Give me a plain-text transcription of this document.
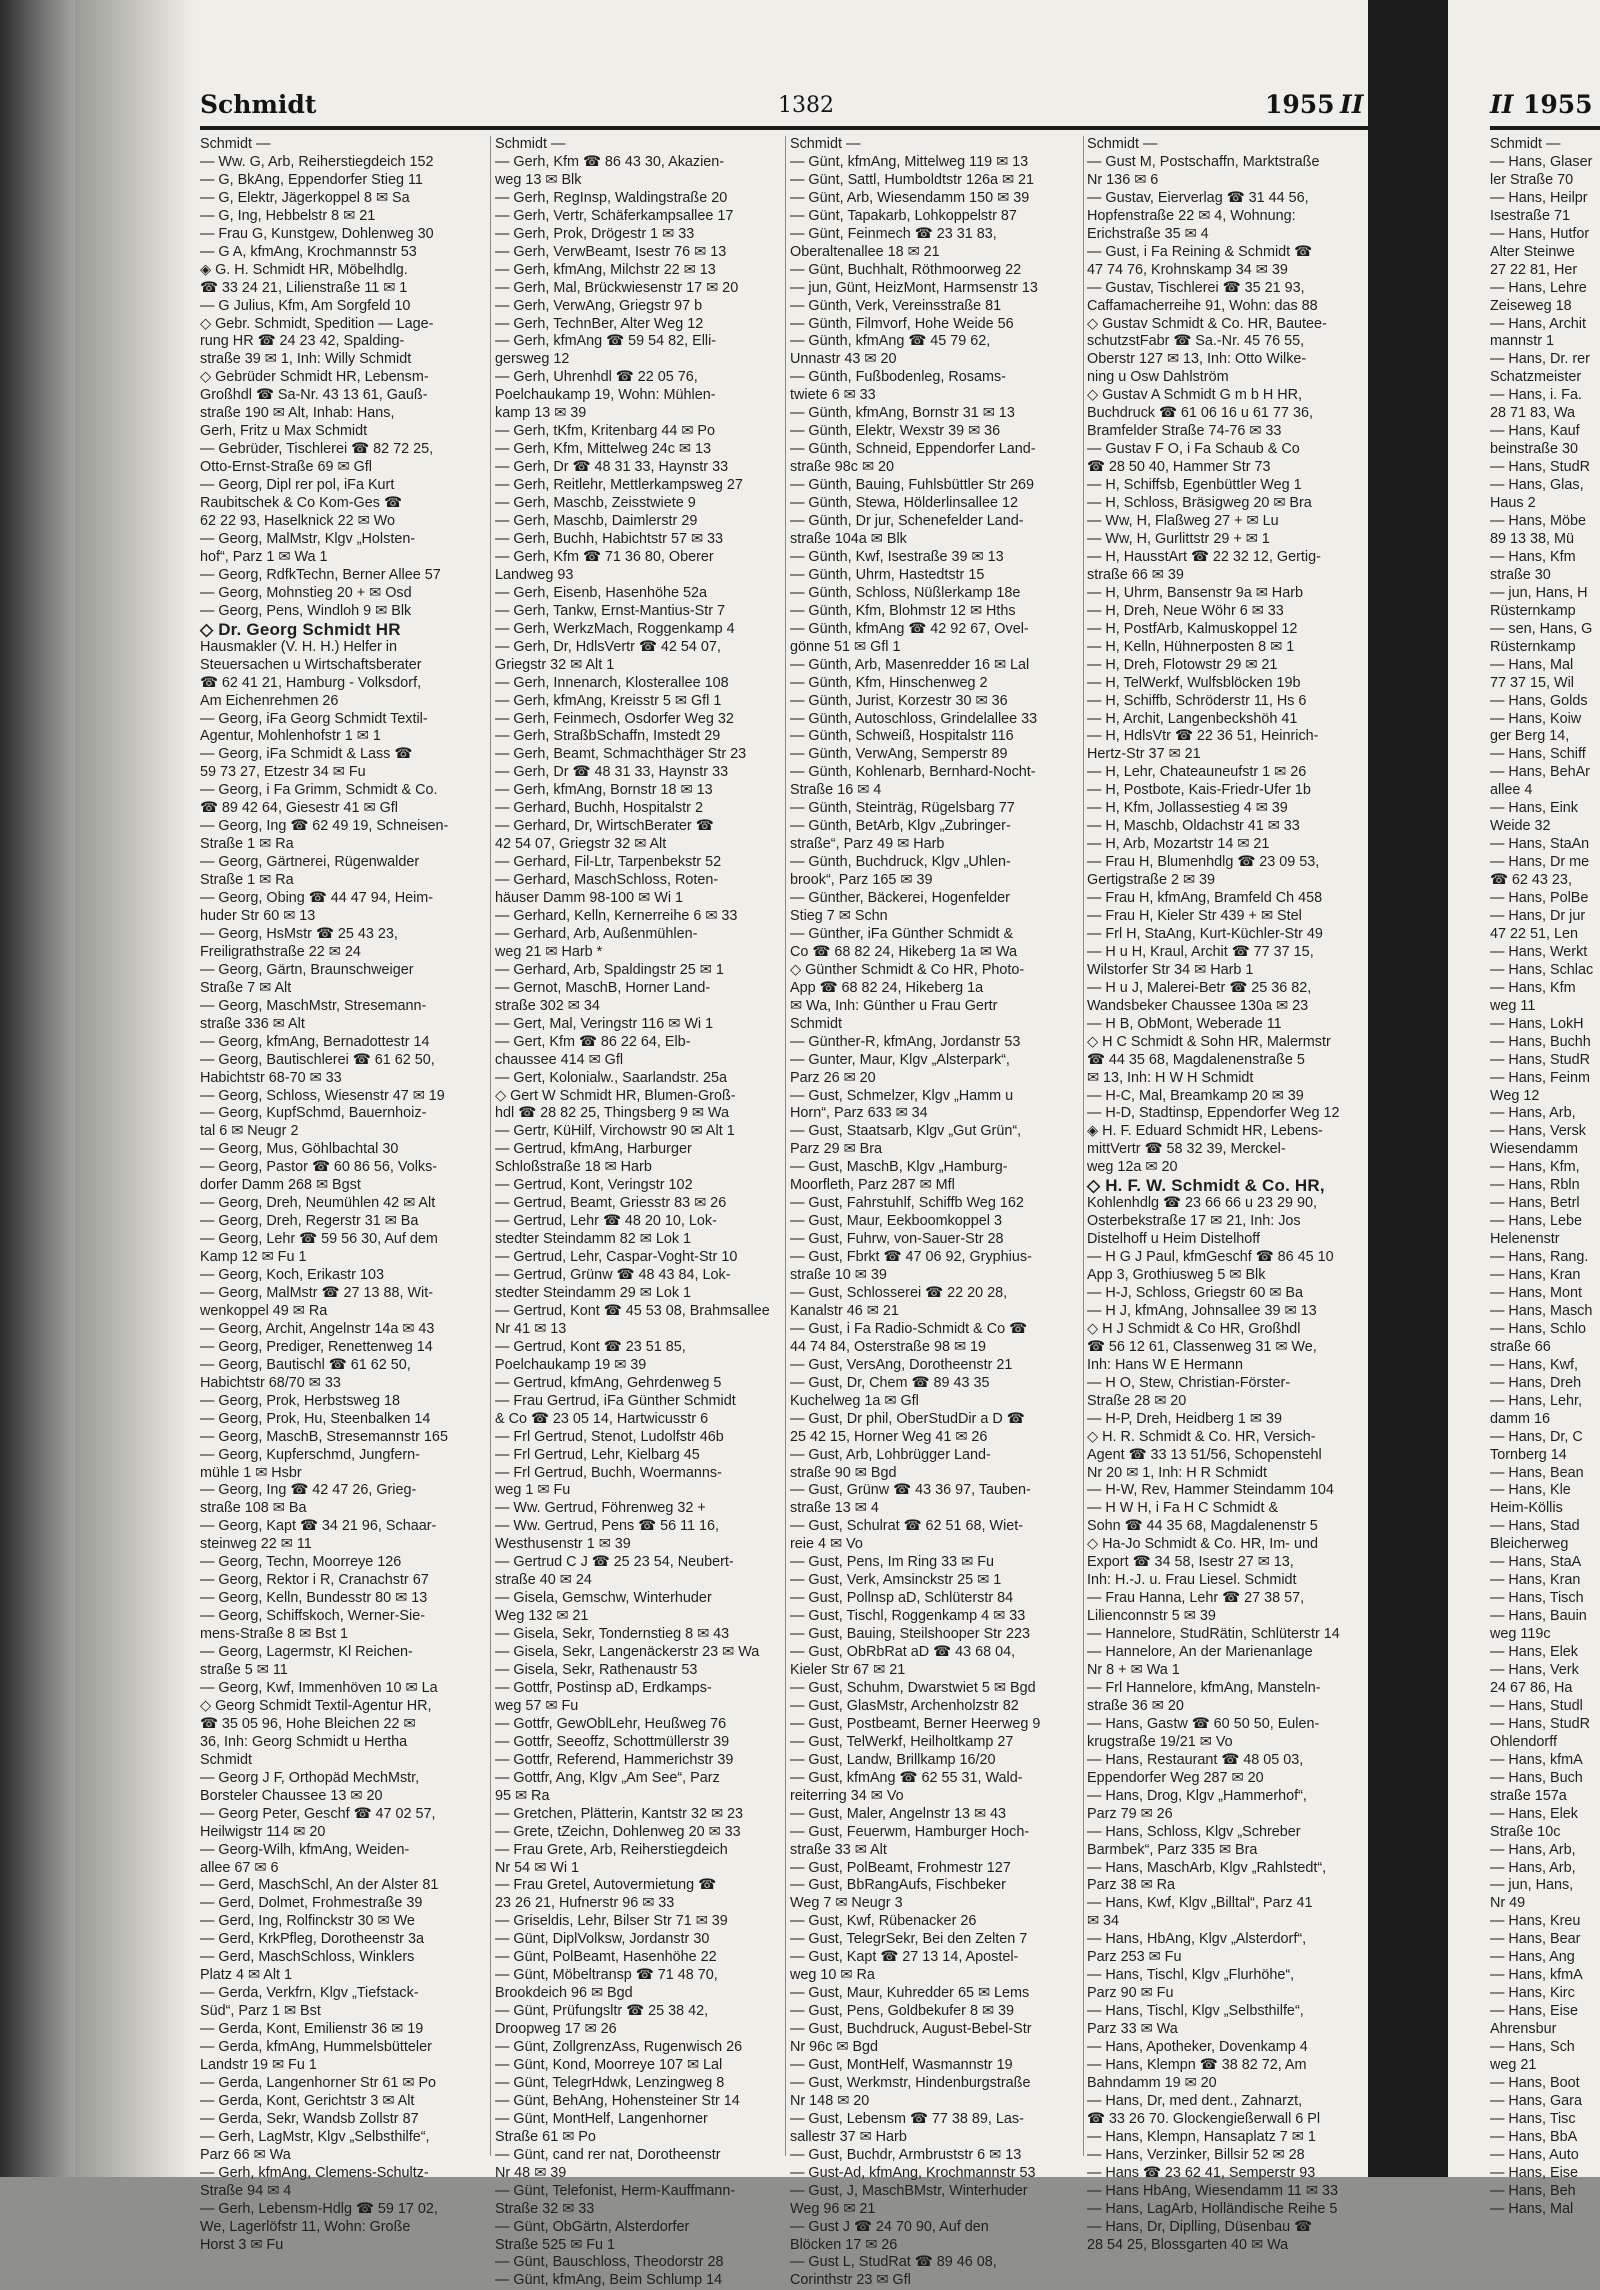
Schmidt	1382	1955 II
Schmidt —
— Ww. G, Arb, Reiherstiegdeich 152
— G, BkAng, Eppendorfer Stieg 11
— G, Elektr, Jägerkoppel 8 ✉ Sa
— G, Ing, Hebbelstr 8 ✉ 21
— Frau G, Kunstgew, Dohlenweg 30
— G A, kfmAng, Krochmannstr 53
◈ G. H. Schmidt HR, Möbelhdlg.
☎ 33 24 21, Lilienstraße 11 ✉ 1
— G Julius, Kfm, Am Sorgfeld 10
◇ Gebr. Schmidt, Spedition — Lage-
rung HR ☎ 24 23 42, Spalding-
straße 39 ✉ 1, Inh: Willy Schmidt
◇ Gebrüder Schmidt HR, Lebensm-
Großhdl ☎ Sa-Nr. 43 13 61, Gauß-
straße 190 ✉ Alt, Inhab: Hans,
Gerh, Fritz u Max Schmidt
— Gebrüder, Tischlerei ☎ 82 72 25,
Otto-Ernst-Straße 69 ✉ Gfl
— Georg, Dipl rer pol, iFa Kurt
Raubitschek & Co Kom-Ges ☎
62 22 93, Haselknick 22 ✉ Wo
— Georg, MalMstr, Klgv „Holsten-
hof“, Parz 1 ✉ Wa 1
— Georg, RdfkTechn, Berner Allee 57
— Georg, Mohnstieg 20 + ✉ Osd
— Georg, Pens, Windloh 9 ✉ Blk
◇ Dr. Georg Schmidt HR
Hausmakler (V. H. H.) Helfer in
Steuersachen u Wirtschaftsberater
☎ 62 41 21, Hamburg - Volksdorf,
Am Eichenrehmen 26
— Georg, iFa Georg Schmidt Textil-
Agentur, Mohlenhofstr 1 ✉ 1
— Georg, iFa Schmidt & Lass ☎
59 73 27, Etzestr 34 ✉ Fu
— Georg, i Fa Grimm, Schmidt & Co.
☎ 89 42 64, Giesestr 41 ✉ Gfl
— Georg, Ing ☎ 62 49 19, Schneisen-
Straße 1 ✉ Ra
— Georg, Gärtnerei, Rügenwalder
Straße 1 ✉ Ra
— Georg, Obing ☎ 44 47 94, Heim-
huder Str 60 ✉ 13
— Georg, HsMstr ☎ 25 43 23,
Freiligrathstraße 22 ✉ 24
— Georg, Gärtn, Braunschweiger
Straße 7 ✉ Alt
— Georg, MaschMstr, Stresemann-
straße 336 ✉ Alt
— Georg, kfmAng, Bernadottestr 14
— Georg, Bautischlerei ☎ 61 62 50,
Habichtstr 68-70 ✉ 33
— Georg, Schloss, Wiesenstr 47 ✉ 19
— Georg, KupfSchmd, Bauernhoiz-
tal 6 ✉ Neugr 2
— Georg, Mus, Göhlbachtal 30
— Georg, Pastor ☎ 60 86 56, Volks-
dorfer Damm 268 ✉ Bgst
— Georg, Dreh, Neumühlen 42 ✉ Alt
— Georg, Dreh, Regerstr 31 ✉ Ba
— Georg, Lehr ☎ 59 56 30, Auf dem
Kamp 12 ✉ Fu 1
— Georg, Koch, Erikastr 103
— Georg, MalMstr ☎ 27 13 88, Wit-
wenkoppel 49 ✉ Ra
— Georg, Archit, Angelnstr 14a ✉ 43
— Georg, Prediger, Renettenweg 14
— Georg, Bautischl ☎ 61 62 50,
Habichtstr 68/70 ✉ 33
— Georg, Prok, Herbstsweg 18
— Georg, Prok, Hu, Steenbalken 14
— Georg, MaschB, Stresemannstr 165
— Georg, Kupferschmd, Jungfern-
mühle 1 ✉ Hsbr
— Georg, Ing ☎ 42 47 26, Grieg-
straße 108 ✉ Ba
— Georg, Kapt ☎ 34 21 96, Schaar-
steinweg 22 ✉ 11
— Georg, Techn, Moorreye 126
— Georg, Rektor i R, Cranachstr 67
— Georg, Kelln, Bundesstr 80 ✉ 13
— Georg, Schiffskoch, Werner-Sie-
mens-Straße 8 ✉ Bst 1
— Georg, Lagermstr, Kl Reichen-
straße 5 ✉ 11
— Georg, Kwf, Immenhöven 10 ✉ La
◇ Georg Schmidt Textil-Agentur HR,
☎ 35 05 96, Hohe Bleichen 22 ✉
36, Inh: Georg Schmidt u Hertha
Schmidt
— Georg J F, Orthopäd MechMstr,
Borsteler Chaussee 13 ✉ 20
— Georg Peter, Geschf ☎ 47 02 57,
Heilwigstr 114 ✉ 20
— Georg-Wilh, kfmAng, Weiden-
allee 67 ✉ 6
— Gerd, MaschSchl, An der Alster 81
— Gerd, Dolmet, Frohmestraße 39
— Gerd, Ing, Rolfinckstr 30 ✉ We
— Gerd, KrkPfleg, Dorotheenstr 3a
— Gerd, MaschSchloss, Winklers
Platz 4 ✉ Alt 1
— Gerda, Verkfrn, Klgv „Tiefstack-
Süd“, Parz 1 ✉ Bst
— Gerda, Kont, Emilienstr 36 ✉ 19
— Gerda, kfmAng, Hummelsbütteler
Landstr 19 ✉ Fu 1
— Gerda, Langenhorner Str 61 ✉ Po
— Gerda, Kont, Gerichtstr 3 ✉ Alt
— Gerda, Sekr, Wandsb Zollstr 87
— Gerh, LagMstr, Klgv „Selbsthilfe“,
Parz 66 ✉ Wa
— Gerh, kfmAng, Clemens-Schultz-
Straße 94 ✉ 4
— Gerh, Lebensm-Hdlg ☎ 59 17 02,
We, Lagerlöfstr 11, Wohn: Große
Horst 3 ✉ Fu
Schmidt —
— Gerh, Kfm ☎ 86 43 30, Akazien-
weg 13 ✉ Blk
— Gerh, RegInsp, Waldingstraße 20
— Gerh, Vertr, Schäferkampsallee 17
— Gerh, Prok, Drögestr 1 ✉ 33
— Gerh, VerwBeamt, Isestr 76 ✉ 13
— Gerh, kfmAng, Milchstr 22 ✉ 13
— Gerh, Mal, Brückwiesenstr 17 ✉ 20
— Gerh, VerwAng, Griegstr 97 b
— Gerh, TechnBer, Alter Weg 12
— Gerh, kfmAng ☎ 59 54 82, Elli-
gersweg 12
— Gerh, Uhrenhdl ☎ 22 05 76,
Poelchaukamp 19, Wohn: Mühlen-
kamp 13 ✉ 39
— Gerh, tKfm, Kritenbarg 44 ✉ Po
— Gerh, Kfm, Mittelweg 24c ✉ 13
— Gerh, Dr ☎ 48 31 33, Haynstr 33
— Gerh, Reitlehr, Mettlerkampsweg 27
— Gerh, Maschb, Zeisstwiete 9
— Gerh, Maschb, Daimlerstr 29
— Gerh, Buchh, Habichtstr 57 ✉ 33
— Gerh, Kfm ☎ 71 36 80, Oberer
Landweg 93
— Gerh, Eisenb, Hasenhöhe 52a
— Gerh, Tankw, Ernst-Mantius-Str 7
— Gerh, WerkzMach, Roggenkamp 4
— Gerh, Dr, HdlsVertr ☎ 42 54 07,
Griegstr 32 ✉ Alt 1
— Gerh, Innenarch, Klosterallee 108
— Gerh, kfmAng, Kreisstr 5 ✉ Gfl 1
— Gerh, Feinmech, Osdorfer Weg 32
— Gerh, StraßbSchaffn, Imstedt 29
— Gerh, Beamt, Schmachthäger Str 23
— Gerh, Dr ☎ 48 31 33, Haynstr 33
— Gerh, kfmAng, Bornstr 18 ✉ 13
— Gerhard, Buchh, Hospitalstr 2
— Gerhard, Dr, WirtschBerater ☎
42 54 07, Griegstr 32 ✉ Alt
— Gerhard, Fil-Ltr, Tarpenbekstr 52
— Gerhard, MaschSchloss, Roten-
häuser Damm 98-100 ✉ Wi 1
— Gerhard, Kelln, Kernerreihe 6 ✉ 33
— Gerhard, Arb, Außenmühlen-
weg 21 ✉ Harb *
— Gerhard, Arb, Spaldingstr 25 ✉ 1
— Gernot, MaschB, Horner Land-
straße 302 ✉ 34
— Gert, Mal, Veringstr 116 ✉ Wi 1
— Gert, Kfm ☎ 86 22 64, Elb-
chaussee 414 ✉ Gfl
— Gert, Kolonialw., Saarlandstr. 25a
◇ Gert W Schmidt HR, Blumen-Groß-
hdl ☎ 28 82 25, Thingsberg 9 ✉ Wa
— Gertr, KüHilf, Virchowstr 90 ✉ Alt 1
— Gertrud, kfmAng, Harburger
Schloßstraße 18 ✉ Harb
— Gertrud, Kont, Veringstr 102
— Gertrud, Beamt, Griesstr 83 ✉ 26
— Gertrud, Lehr ☎ 48 20 10, Lok-
stedter Steindamm 82 ✉ Lok 1
— Gertrud, Lehr, Caspar-Voght-Str 10
— Gertrud, Grünw ☎ 48 43 84, Lok-
stedter Steindamm 29 ✉ Lok 1
— Gertrud, Kont ☎ 45 53 08, Brahmsallee
Nr 41 ✉ 13
— Gertrud, Kont ☎ 23 51 85,
Poelchaukamp 19 ✉ 39
— Gertrud, kfmAng, Gehrdenweg 5
— Frau Gertrud, iFa Günther Schmidt
& Co ☎ 23 05 14, Hartwicusstr 6
— Frl Gertrud, Stenot, Ludolfstr 46b
— Frl Gertrud, Lehr, Kielbarg 45
— Frl Gertrud, Buchh, Woermanns-
weg 1 ✉ Fu
— Ww. Gertrud, Föhrenweg 32 +
— Ww. Gertrud, Pens ☎ 56 11 16,
Westhusenstr 1 ✉ 39
— Gertrud C J ☎ 25 23 54, Neubert-
straße 40 ✉ 24
— Gisela, Gemschw, Winterhuder
Weg 132 ✉ 21
— Gisela, Sekr, Tondernstieg 8 ✉ 43
— Gisela, Sekr, Langenäckerstr 23 ✉ Wa
— Gisela, Sekr, Rathenaustr 53
— Gottfr, Postinsp aD, Erdkamps-
weg 57 ✉ Fu
— Gottfr, GewOblLehr, Heußweg 76
— Gottfr, Seeoffz, Schottmüllerstr 39
— Gottfr, Referend, Hammerichstr 39
— Gottfr, Ang, Klgv „Am See“, Parz
95 ✉ Ra
— Gretchen, Plätterin, Kantstr 32 ✉ 23
— Grete, tZeichn, Dohlenweg 20 ✉ 33
— Frau Grete, Arb, Reiherstiegdeich
Nr 54 ✉ Wi 1
— Frau Gretel, Autovermietung ☎
23 26 21, Hufnerstr 96 ✉ 33
— Griseldis, Lehr, Bilser Str 71 ✉ 39
— Günt, DiplVolksw, Jordanstr 30
— Günt, PolBeamt, Hasenhöhe 22
— Günt, Möbeltransp ☎ 71 48 70,
Brookdeich 96 ✉ Bgd
— Günt, Prüfungsltr ☎ 25 38 42,
Droopweg 17 ✉ 26
— Günt, ZollgrenzAss, Rugenwisch 26
— Günt, Kond, Moorreye 107 ✉ Lal
— Günt, TelegrHdwk, Lenzingweg 8
— Günt, BehAng, Hohensteiner Str 14
— Günt, MontHelf, Langenhorner
Straße 61 ✉ Po
— Günt, cand rer nat, Dorotheenstr
Nr 48 ✉ 39
— Günt, Telefonist, Herm-Kauffmann-
Straße 32 ✉ 33
— Günt, ObGärtn, Alsterdorfer
Straße 525 ✉ Fu 1
— Günt, Bauschloss, Theodorstr 28
— Günt, kfmAng, Beim Schlump 14
Schmidt —
— Günt, kfmAng, Mittelweg 119 ✉ 13
— Günt, Sattl, Humboldtstr 126a ✉ 21
— Günt, Arb, Wiesendamm 150 ✉ 39
— Günt, Tapakarb, Lohkoppelstr 87
— Günt, Feinmech ☎ 23 31 83,
Oberaltenallee 18 ✉ 21
— Günt, Buchhalt, Röthmoorweg 22
— jun, Günt, HeizMont, Harmsenstr 13
— Günth, Verk, Vereinsstraße 81
— Günth, Filmvorf, Hohe Weide 56
— Günth, kfmAng ☎ 45 79 62,
Unnastr 43 ✉ 20
— Günth, Fußbodenleg, Rosams-
twiete 6 ✉ 33
— Günth, kfmAng, Bornstr 31 ✉ 13
— Günth, Elektr, Wexstr 39 ✉ 36
— Günth, Schneid, Eppendorfer Land-
straße 98c ✉ 20
— Günth, Bauing, Fuhlsbüttler Str 269
— Günth, Stewa, Hölderlinsallee 12
— Günth, Dr jur, Schenefelder Land-
straße 104a ✉ Blk
— Günth, Kwf, Isestraße 39 ✉ 13
— Günth, Uhrm, Hastedtstr 15
— Günth, Schloss, Nüßlerkamp 18e
— Günth, Kfm, Blohmstr 12 ✉ Hths
— Günth, kfmAng ☎ 42 92 67, Ovel-
gönne 51 ✉ Gfl 1
— Günth, Arb, Masenredder 16 ✉ Lal
— Günth, Kfm, Hinschenweg 2
— Günth, Jurist, Korzestr 30 ✉ 36
— Günth, Autoschloss, Grindelallee 33
— Günth, Schweiß, Hospitalstr 116
— Günth, VerwAng, Semperstr 89
— Günth, Kohlenarb, Bernhard-Nocht-
Straße 16 ✉ 4
— Günth, Steinträg, Rügelsbarg 77
— Günth, BetArb, Klgv „Zubringer-
straße“, Parz 49 ✉ Harb
— Günth, Buchdruck, Klgv „Uhlen-
brook“, Parz 165 ✉ 39
— Günther, Bäckerei, Hogenfelder
Stieg 7 ✉ Schn
— Günther, iFa Günther Schmidt &
Co ☎ 68 82 24, Hikeberg 1a ✉ Wa
◇ Günther Schmidt & Co HR, Photo-
App ☎ 68 82 24, Hikeberg 1a
✉ Wa, Inh: Günther u Frau Gertr
Schmidt
— Günther-R, kfmAng, Jordanstr 53
— Gunter, Maur, Klgv „Alsterpark“,
Parz 26 ✉ 20
— Gust, Schmelzer, Klgv „Hamm u
Horn“, Parz 633 ✉ 34
— Gust, Staatsarb, Klgv „Gut Grün“,
Parz 29 ✉ Bra
— Gust, MaschB, Klgv „Hamburg-
Moorfleth, Parz 287 ✉ Mfl
— Gust, Fahrstuhlf, Schiffb Weg 162
— Gust, Maur, Eekboomkoppel 3
— Gust, Fuhrw, von-Sauer-Str 28
— Gust, Fbrkt ☎ 47 06 92, Gryphius-
straße 10 ✉ 39
— Gust, Schlosserei ☎ 22 20 28,
Kanalstr 46 ✉ 21
— Gust, i Fa Radio-Schmidt & Co ☎
44 74 84, Osterstraße 98 ✉ 19
— Gust, VersAng, Dorotheenstr 21
— Gust, Dr, Chem ☎ 89 43 35
Kuchelweg 1a ✉ Gfl
— Gust, Dr phil, OberStudDir a D ☎
25 42 15, Horner Weg 41 ✉ 26
— Gust, Arb, Lohbrügger Land-
straße 90 ✉ Bgd
— Gust, Grünw ☎ 43 36 97, Tauben-
straße 13 ✉ 4
— Gust, Schulrat ☎ 62 51 68, Wiet-
reie 4 ✉ Vo
— Gust, Pens, Im Ring 33 ✉ Fu
— Gust, Verk, Amsinckstr 25 ✉ 1
— Gust, Pollnsp aD, Schlüterstr 84
— Gust, Tischl, Roggenkamp 4 ✉ 33
— Gust, Bauing, Steilshooper Str 223
— Gust, ObRbRat aD ☎ 43 68 04,
Kieler Str 67 ✉ 21
— Gust, Schuhm, Dwarstwiet 5 ✉ Bgd
— Gust, GlasMstr, Archenholzstr 82
— Gust, Postbeamt, Berner Heerweg 9
— Gust, TelWerkf, Heilholtkamp 27
— Gust, Landw, Brillkamp 16/20
— Gust, kfmAng ☎ 62 55 31, Wald-
reiterring 34 ✉ Vo
— Gust, Maler, Angelnstr 13 ✉ 43
— Gust, Feuerwm, Hamburger Hoch-
straße 33 ✉ Alt
— Gust, PolBeamt, Frohmestr 127
— Gust, BbRangAufs, Fischbeker
Weg 7 ✉ Neugr 3
— Gust, Kwf, Rübenacker 26
— Gust, TelegrSekr, Bei den Zelten 7
— Gust, Kapt ☎ 27 13 14, Apostel-
weg 10 ✉ Ra
— Gust, Maur, Kuhredder 65 ✉ Lems
— Gust, Pens, Goldbekufer 8 ✉ 39
— Gust, Buchdruck, August-Bebel-Str
Nr 96c ✉ Bgd
— Gust, MontHelf, Wasmannstr 19
— Gust, Werkmstr, Hindenburgstraße
Nr 148 ✉ 20
— Gust, Lebensm ☎ 77 38 89, Las-
sallestr 37 ✉ Harb
— Gust, Buchdr, Armbruststr 6 ✉ 13
— Gust-Ad, kfmAng, Krochmannstr 53
— Gust, J, MaschBMstr, Winterhuder
Weg 96 ✉ 21
— Gust J ☎ 24 70 90, Auf den
Blöcken 17 ✉ 26
— Gust L, StudRat ☎ 89 46 08,
Corinthstr 23 ✉ Gfl
Schmidt —
— Gust M, Postschaffn, Marktstraße
Nr 136 ✉ 6
— Gustav, Eierverlag ☎ 31 44 56,
Hopfenstraße 22 ✉ 4, Wohnung:
Erichstraße 35 ✉ 4
— Gust, i Fa Reining & Schmidt ☎
47 74 76, Krohnskamp 34 ✉ 39
— Gustav, Tischlerei ☎ 35 21 93,
Caffamacherreihe 91, Wohn: das 88
◇ Gustav Schmidt & Co. HR, Bautee-
schutzstFabr ☎ Sa.-Nr. 45 76 55,
Oberstr 127 ✉ 13, Inh: Otto Wilke-
ning u Osw Dahlström
◇ Gustav A Schmidt G m b H HR,
Buchdruck ☎ 61 06 16 u 61 77 36,
Bramfelder Straße 74-76 ✉ 33
— Gustav F O, i Fa Schaub & Co
☎ 28 50 40, Hammer Str 73
— H, Schiffsb, Egenbüttler Weg 1
— H, Schloss, Bräsigweg 20 ✉ Bra
— Ww, H, Flaßweg 27 + ✉ Lu
— Ww, H, Gurlittstr 29 + ✉ 1
— H, HausstArt ☎ 22 32 12, Gertig-
straße 66 ✉ 39
— H, Uhrm, Bansenstr 9a ✉ Harb
— H, Dreh, Neue Wöhr 6 ✉ 33
— H, PostfArb, Kalmuskoppel 12
— H, Kelln, Hühnerposten 8 ✉ 1
— H, Dreh, Flotowstr 29 ✉ 21
— H, TelWerkf, Wulfsblöcken 19b
— H, Schiffb, Schröderstr 11, Hs 6
— H, Archit, Langenbeckshöh 41
— H, HdlsVtr ☎ 22 36 51, Heinrich-
Hertz-Str 37 ✉ 21
— H, Lehr, Chateauneufstr 1 ✉ 26
— H, Postbote, Kais-Friedr-Ufer 1b
— H, Kfm, Jollassestieg 4 ✉ 39
— H, Maschb, Oldachstr 41 ✉ 33
— H, Arb, Mozartstr 14 ✉ 21
— Frau H, Blumenhdlg ☎ 23 09 53,
Gertigstraße 2 ✉ 39
— Frau H, kfmAng, Bramfeld Ch 458
— Frau H, Kieler Str 439 + ✉ Stel
— Frl H, StaAng, Kurt-Küchler-Str 49
— H u H, Kraul, Archit ☎ 77 37 15,
Wilstorfer Str 34 ✉ Harb 1
— H u J, Malerei-Betr ☎ 25 36 82,
Wandsbeker Chaussee 130a ✉ 23
— H B, ObMont, Weberade 11
◇ H C Schmidt & Sohn HR, Malermstr
☎ 44 35 68, Magdalenenstraße 5
✉ 13, Inh: H W H Schmidt
— H-C, Mal, Breamkamp 20 ✉ 39
— H-D, Stadtinsp, Eppendorfer Weg 12
◈ H. F. Eduard Schmidt HR, Lebens-
mittVertr ☎ 58 32 39, Merckel-
weg 12a ✉ 20
◇ H. F. W. Schmidt & Co. HR,
Kohlenhdlg ☎ 23 66 66 u 23 29 90,
Osterbekstraße 17 ✉ 21, Inh: Jos
Distelhoff u Heim Distelhoff
— H G J Paul, kfmGeschf ☎ 86 45 10
App 3, Grothiusweg 5 ✉ Blk
— H-J, Schloss, Griegstr 60 ✉ Ba
— H J, kfmAng, Johnsallee 39 ✉ 13
◇ H J Schmidt & Co HR, Großhdl
☎ 56 12 61, Classenweg 31 ✉ We,
Inh: Hans W E Hermann
— H O, Stew, Christian-Förster-
Straße 28 ✉ 20
— H-P, Dreh, Heidberg 1 ✉ 39
◇ H. R. Schmidt & Co. HR, Versich-
Agent ☎ 33 13 51/56, Schopenstehl
Nr 20 ✉ 1, Inh: H R Schmidt
— H-W, Rev, Hammer Steindamm 104
— H W H, i Fa H C Schmidt &
Sohn ☎ 44 35 68, Magdalenenstr 5
◇ Ha-Jo Schmidt & Co. HR, Im- und
Export ☎ 34 58, Isestr 27 ✉ 13,
Inh: H.-J. u. Frau Liesel. Schmidt
— Frau Hanna, Lehr ☎ 27 38 57,
Lilienconnstr 5 ✉ 39
— Hannelore, StudRätin, Schlüterstr 14
— Hannelore, An der Marienanlage
Nr 8 + ✉ Wa 1
— Frl Hannelore, kfmAng, Mansteln-
straße 36 ✉ 20
— Hans, Gastw ☎ 60 50 50, Eulen-
krugstraße 19/21 ✉ Vo
— Hans, Restaurant ☎ 48 05 03,
Eppendorfer Weg 287 ✉ 20
— Hans, Drog, Klgv „Hammerhof“,
Parz 79 ✉ 26
— Hans, Schloss, Klgv „Schreber
Barmbek“, Parz 335 ✉ Bra
— Hans, MaschArb, Klgv „Rahlstedt“,
Parz 38 ✉ Ra
— Hans, Kwf, Klgv „Billtal“, Parz 41
✉ 34
— Hans, HbAng, Klgv „Alsterdorf“,
Parz 253 ✉ Fu
— Hans, Tischl, Klgv „Flurhöhe“,
Parz 90 ✉ Fu
— Hans, Tischl, Klgv „Selbsthilfe“,
Parz 33 ✉ Wa
— Hans, Apotheker, Dovenkamp 4
— Hans, Klempn ☎ 38 82 72, Am
Bahndamm 19 ✉ 20
— Hans, Dr, med dent., Zahnarzt,
☎ 33 26 70. Glockengießerwall 6 Pl
— Hans, Klempn, Hansaplatz 7 ✉ 1
— Hans, Verzinker, Billsir 52 ✉ 28
— Hans ☎ 23 62 41, Semperstr 93
— Hans HbAng, Wiesendamm 11 ✉ 33
— Hans, LagArb, Holländische Reihe 5
— Hans, Dr, Diplling, Düsenbau ☎
28 54 25, Blossgarten 40 ✉ Wa
II 1955
Schmidt —
— Hans, Glaser
ler Straße 70
— Hans, Heilpr
Isestraße 71
— Hans, Hutfor
Alter Steinwe
27 22 81, Her
— Hans, Lehre
Zeiseweg 18
— Hans, Archit
mannstr 1
— Hans, Dr. rer
Schatzmeister
— Hans, i. Fa.
28 71 83, Wa
— Hans, Kauf
beinstraße 30
— Hans, StudR
— Hans, Glas,
Haus 2
— Hans, Möbe
89 13 38, Mü
— Hans, Kfm
straße 30
— jun, Hans, H
Rüsternkamp
— sen, Hans, G
Rüsternkamp
— Hans, Mal
77 37 15, Wil
— Hans, Golds
— Hans, Koiw
ger Berg 14,
— Hans, Schiff
— Hans, BehAr
allee 4
— Hans, Eink
Weide 32
— Hans, StaAn
— Hans, Dr me
☎ 62 43 23,
— Hans, PolBe
— Hans, Dr jur
47 22 51, Len
— Hans, Werkt
— Hans, Schlac
— Hans, Kfm
weg 11
— Hans, LokH
— Hans, Buchh
— Hans, StudR
— Hans, Feinm
Weg 12
— Hans, Arb,
— Hans, Versk
Wiesendamm
— Hans, Kfm,
— Hans, Rbln
— Hans, Betrl
— Hans, Lebe
Helenenstr
— Hans, Rang.
— Hans, Kran
— Hans, Mont
— Hans, Masch
— Hans, Schlo
straße 66
— Hans, Kwf,
— Hans, Dreh
— Hans, Lehr,
damm 16
— Hans, Dr, C
Tornberg 14
— Hans, Bean
— Hans, Kle
Heim-Köllis
— Hans, Stad
Bleicherweg
— Hans, StaA
— Hans, Kran
— Hans, Tisch
— Hans, Bauin
weg 119c
— Hans, Elek
— Hans, Verk
24 67 86, Ha
— Hans, Studl
— Hans, StudR
Ohlendorff
— Hans, kfmA
— Hans, Buch
straße 157a
— Hans, Elek
Straße 10c
— Hans, Arb,
— Hans, Arb,
— jun, Hans,
Nr 49
— Hans, Kreu
— Hans, Bear
— Hans, Ang
— Hans, kfmA
— Hans, Kirc
— Hans, Eise
Ahrensbur
— Hans, Sch
weg 21
— Hans, Boot
— Hans, Gara
— Hans, Tisc
— Hans, BbA
— Hans, Auto
— Hans, Eise
— Hans, Beh
— Hans, Mal
